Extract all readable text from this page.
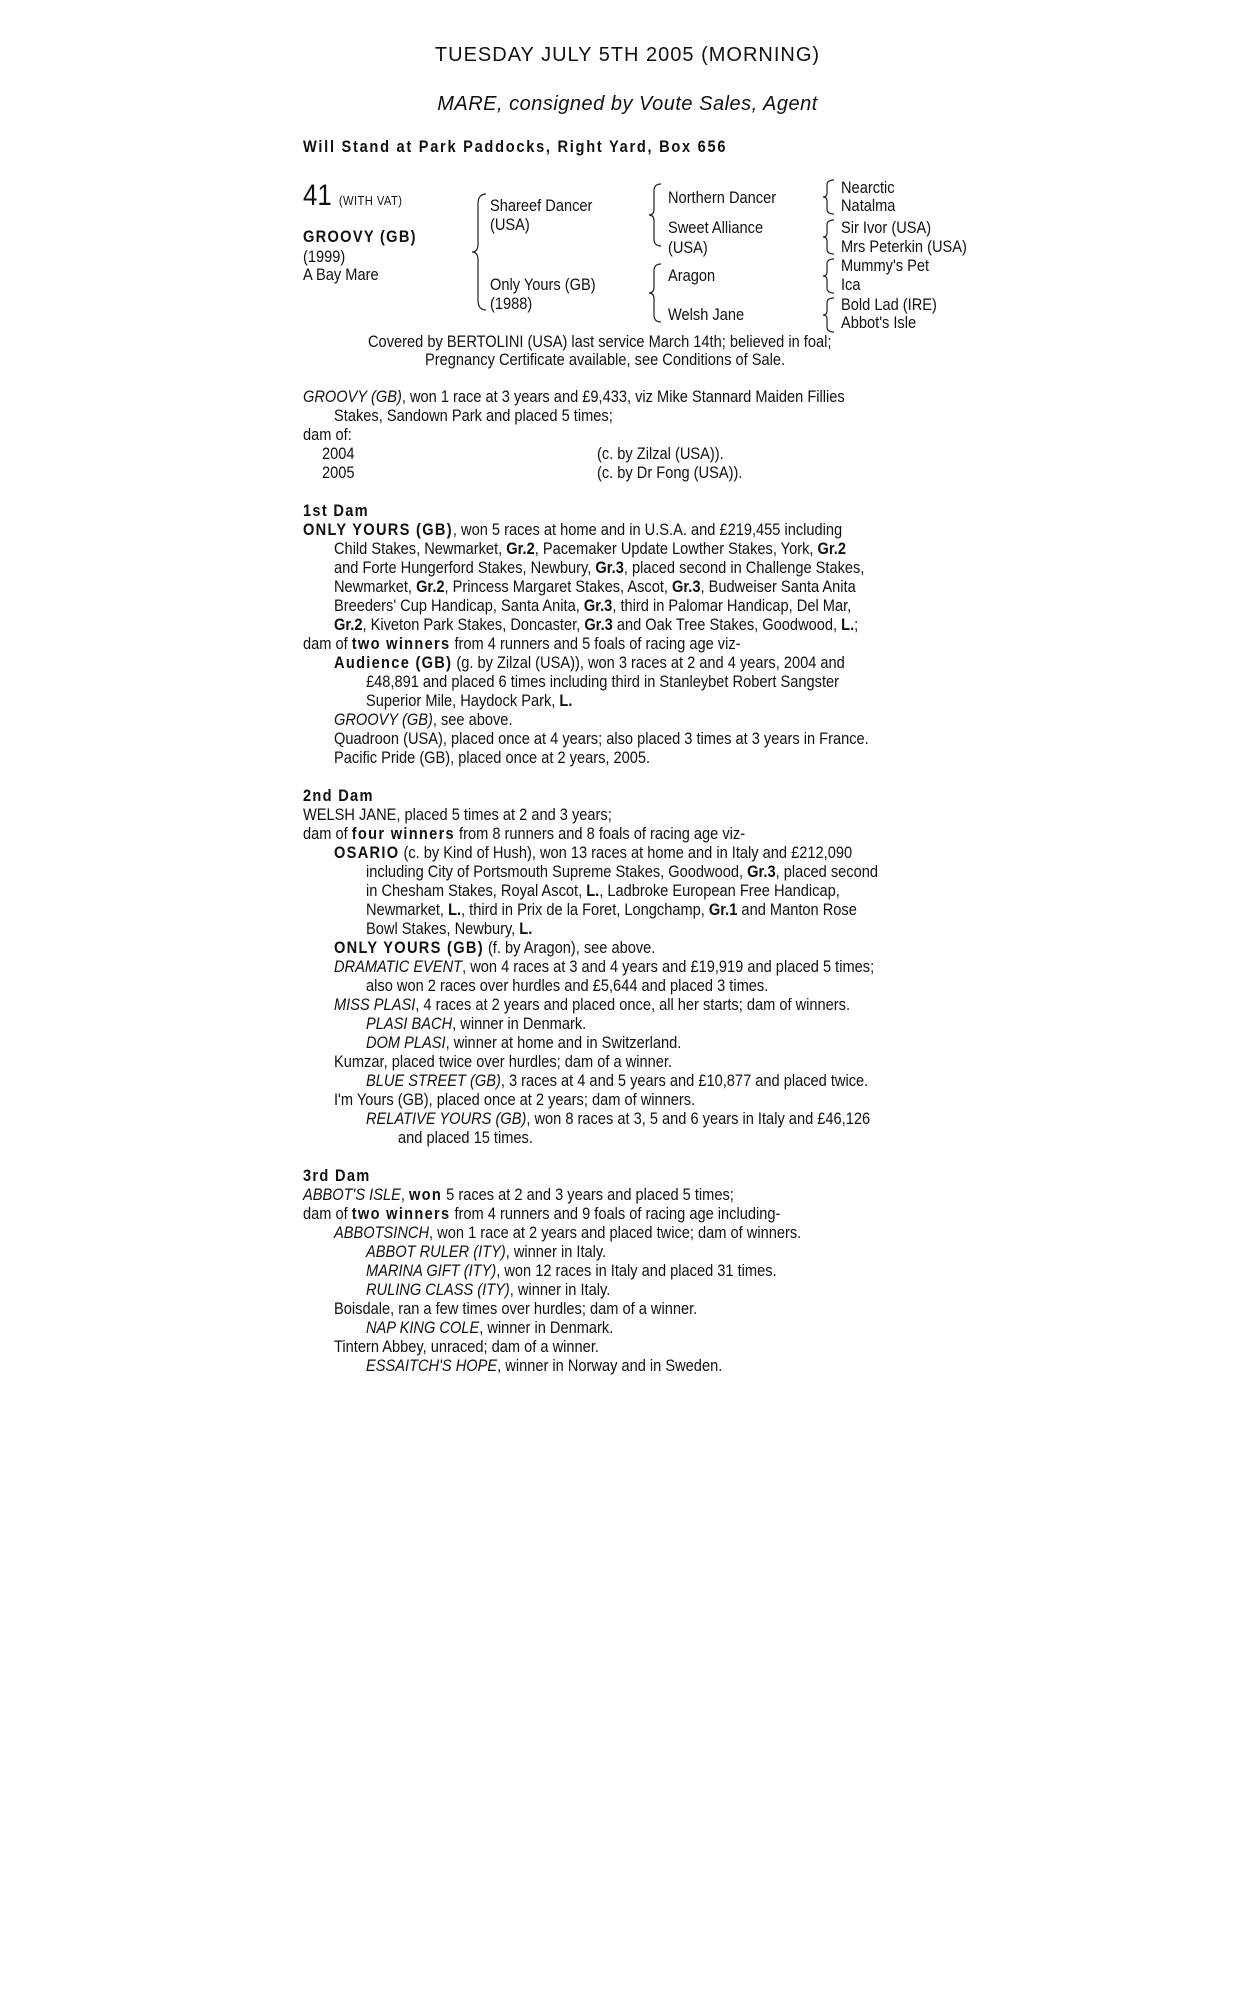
TUESDAY JULY 5TH 2005 (MORNING)
MARE, consigned by Voute Sales, Agent
Will Stand at Park Paddocks, Right Yard, Box 656
41 (WITH VAT)
GROOVY (GB)
(1999)
A Bay Mare
Shareef Dancer
(USA)
Only Yours (GB)
(1988)
Northern Dancer
Sweet Alliance
(USA)
Aragon
Welsh Jane
Nearctic
Natalma
Sir Ivor (USA)
Mrs Peterkin (USA)
Mummy's Pet
Ica
Bold Lad (IRE)
Abbot's Isle
Covered by BERTOLINI (USA) last service March 14th; believed in foal;
Pregnancy Certificate available, see Conditions of Sale.
GROOVY (GB), won 1 race at 3 years and £9,433, viz Mike Stannard Maiden Fillies
Stakes, Sandown Park and placed 5 times;
dam of:
2004	(c. by Zilzal (USA)).
2005	(c. by Dr Fong (USA)).
1st Dam
ONLY YOURS (GB), won 5 races at home and in U.S.A. and £219,455 including
Child Stakes, Newmarket, Gr.2, Pacemaker Update Lowther Stakes, York, Gr.2
and Forte Hungerford Stakes, Newbury, Gr.3, placed second in Challenge Stakes,
Newmarket, Gr.2, Princess Margaret Stakes, Ascot, Gr.3, Budweiser Santa Anita
Breeders' Cup Handicap, Santa Anita, Gr.3, third in Palomar Handicap, Del Mar,
Gr.2, Kiveton Park Stakes, Doncaster, Gr.3 and Oak Tree Stakes, Goodwood, L.;
dam of two winners from 4 runners and 5 foals of racing age viz-
Audience (GB) (g. by Zilzal (USA)), won 3 races at 2 and 4 years, 2004 and
£48,891 and placed 6 times including third in Stanleybet Robert Sangster
Superior Mile, Haydock Park, L.
GROOVY (GB), see above.
Quadroon (USA), placed once at 4 years; also placed 3 times at 3 years in France.
Pacific Pride (GB), placed once at 2 years, 2005.
2nd Dam
WELSH JANE, placed 5 times at 2 and 3 years;
dam of four winners from 8 runners and 8 foals of racing age viz-
OSARIO (c. by Kind of Hush), won 13 races at home and in Italy and £212,090
including City of Portsmouth Supreme Stakes, Goodwood, Gr.3, placed second
in Chesham Stakes, Royal Ascot, L., Ladbroke European Free Handicap,
Newmarket, L., third in Prix de la Foret, Longchamp, Gr.1 and Manton Rose
Bowl Stakes, Newbury, L.
ONLY YOURS (GB) (f. by Aragon), see above.
DRAMATIC EVENT, won 4 races at 3 and 4 years and £19,919 and placed 5 times;
also won 2 races over hurdles and £5,644 and placed 3 times.
MISS PLASI, 4 races at 2 years and placed once, all her starts; dam of winners.
PLASI BACH, winner in Denmark.
DOM PLASI, winner at home and in Switzerland.
Kumzar, placed twice over hurdles; dam of a winner.
BLUE STREET (GB), 3 races at 4 and 5 years and £10,877 and placed twice.
I'm Yours (GB), placed once at 2 years; dam of winners.
RELATIVE YOURS (GB), won 8 races at 3, 5 and 6 years in Italy and £46,126
and placed 15 times.
3rd Dam
ABBOT'S ISLE, won 5 races at 2 and 3 years and placed 5 times;
dam of two winners from 4 runners and 9 foals of racing age including-
ABBOTSINCH, won 1 race at 2 years and placed twice; dam of winners.
ABBOT RULER (ITY), winner in Italy.
MARINA GIFT (ITY), won 12 races in Italy and placed 31 times.
RULING CLASS (ITY), winner in Italy.
Boisdale, ran a few times over hurdles; dam of a winner.
NAP KING COLE, winner in Denmark.
Tintern Abbey, unraced; dam of a winner.
ESSAITCH'S HOPE, winner in Norway and in Sweden.
